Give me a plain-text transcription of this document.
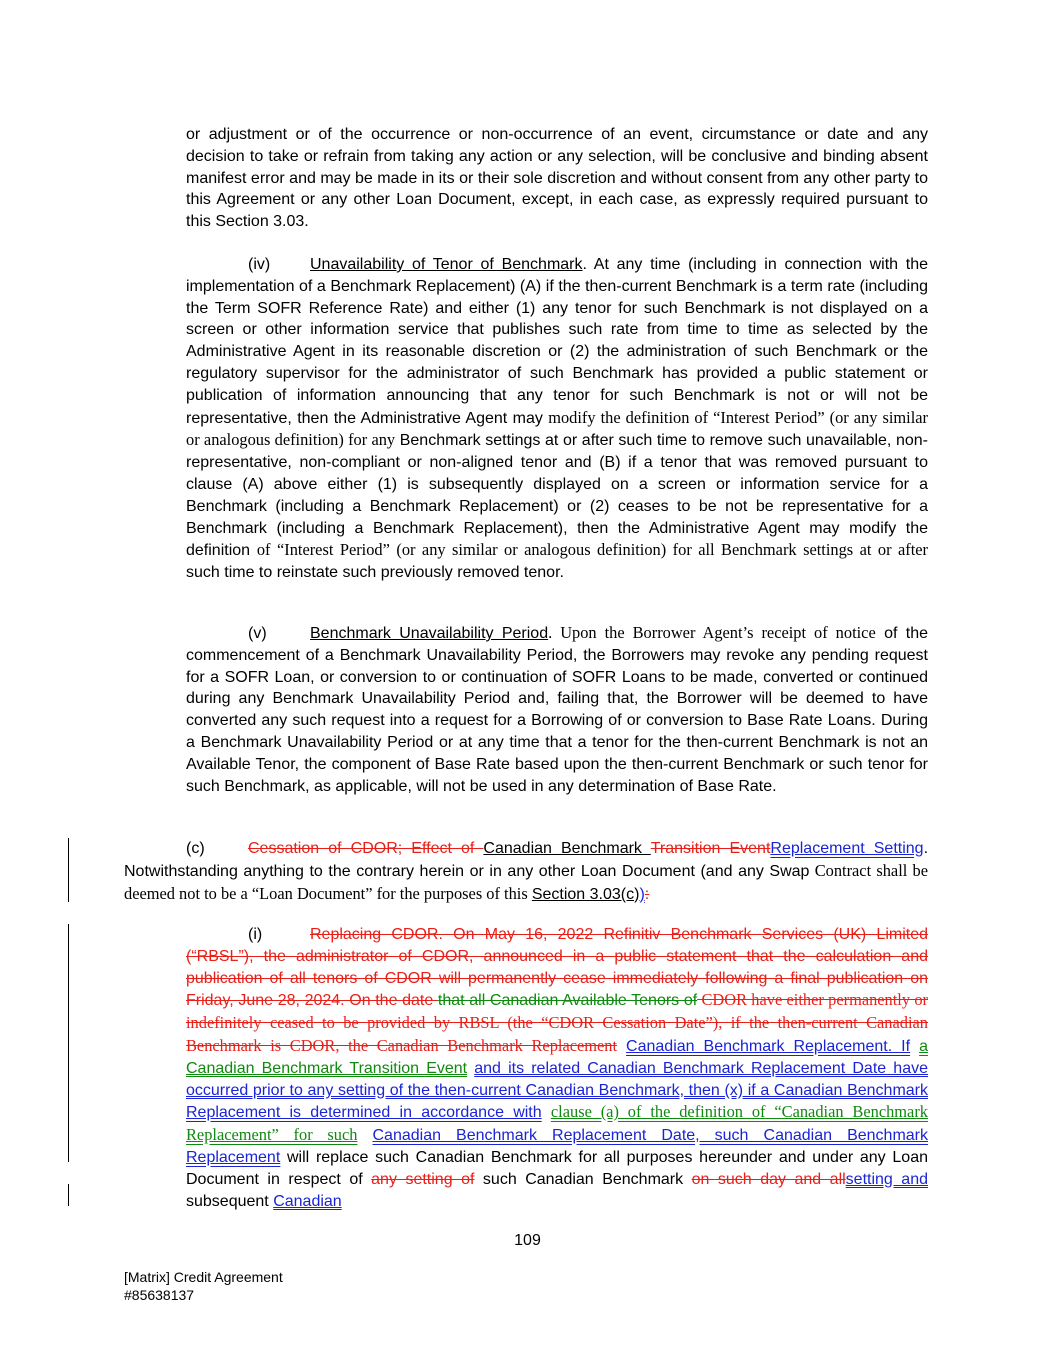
or adjustment or of the occurrence or non-occurrence of an event, circumstance or date and any decision to take or refrain from taking any action or any selection, will be conclusive and binding absent manifest error and may be made in its or their sole discretion and without consent from any other party to this Agreement or any other Loan Document, except, in each case, as expressly required pursuant to this Section 3.03.

(iv) Unavailability of Tenor of Benchmark. At any time (including in connection with the implementation of a Benchmark Replacement) (A) if the then-current Benchmark is a term rate (including the Term SOFR Reference Rate) and either (1) any tenor for such Benchmark is not displayed on a screen or other information service that publishes such rate from time to time as selected by the Administrative Agent in its reasonable discretion or (2) the administration of such Benchmark or the regulatory supervisor for the administrator of such Benchmark has provided a public statement or publication of information announcing that any tenor for such Benchmark is not or will not be representative, then the Administrative Agent may modify the definition of “Interest Period” (or any similar or analogous definition) for any Benchmark settings at or after such time to remove such unavailable, non-representative, non-compliant or non-aligned tenor and (B) if a tenor that was removed pursuant to clause (A) above either (1) is subsequently displayed on a screen or information service for a Benchmark (including a Benchmark Replacement) or (2) ceases to be not be representative for a Benchmark (including a Benchmark Replacement), then the Administrative Agent may modify the definition of “Interest Period” (or any similar or analogous definition) for all Benchmark settings at or after such time to reinstate such previously removed tenor.

(v)	Benchmark Unavailability Period. Upon the Borrower Agent’s receipt of notice of the commencement of a Benchmark Unavailability Period, the Borrowers may revoke any pending request for a SOFR Loan, or conversion to or continuation of SOFR Loans to be made, converted or continued during any Benchmark Unavailability Period and, failing that, the Borrower will be deemed to have converted any such request into a request for a Borrowing of or conversion to Base Rate Loans. During a Benchmark Unavailability Period or at any time that a tenor for the then-current Benchmark is not an Available Tenor, the component of Base Rate based upon the then-current Benchmark or such tenor for such Benchmark, as applicable, will not be used in any determination of Base Rate.

(c)	Cessation of CDOR; Effect of Canadian Benchmark Transition EventReplacement Setting. Notwithstanding anything to the contrary herein or in any other Loan Document (and any Swap Contract shall be deemed not to be a “Loan Document” for the purposes of this Section 3.03(c)):

(i)	Replacing CDOR. On May 16, 2022 Refinitiv Benchmark Services (UK) Limited (“RBSL”), the administrator of CDOR, announced in a public statement that the calculation and publication of all tenors of CDOR will permanently cease immediately following a final publication on Friday, June 28, 2024. On the date that all Canadian Available Tenors of CDOR have either permanently or indefinitely ceased to be provided by RBSL (the “CDOR Cessation Date”), if the then-current Canadian Benchmark is CDOR, the Canadian Benchmark Replacement Canadian Benchmark Replacement. If a Canadian Benchmark Transition Event and its related Canadian Benchmark Replacement Date have occurred prior to any setting of the then-current Canadian Benchmark, then (x) if a Canadian Benchmark Replacement is determined in accordance with clause (a) of the definition of “Canadian Benchmark Replacement” for such Canadian Benchmark Replacement Date, such Canadian Benchmark Replacement will replace such Canadian Benchmark for all purposes hereunder and under any Loan Document in respect of any setting of such Canadian Benchmark on such day and allsetting and subsequent Canadian

109
[Matrix] Credit Agreement
#85638137
